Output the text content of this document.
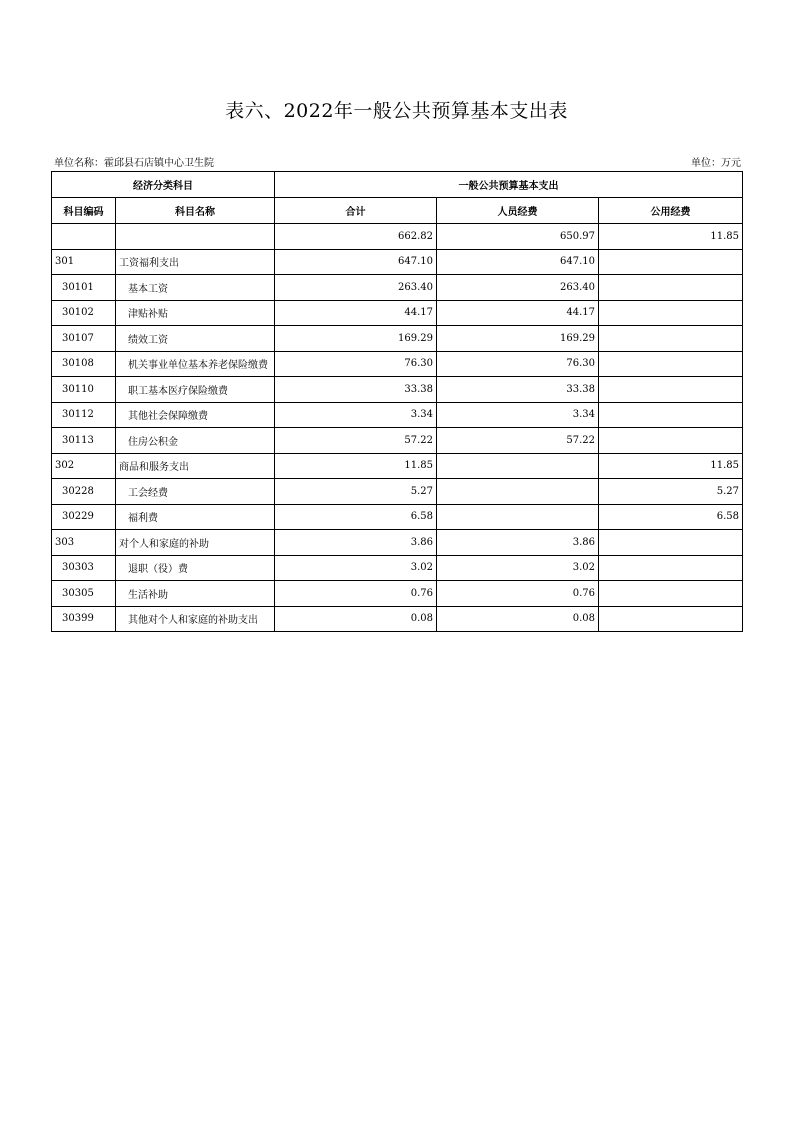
表六、2022年一般公共预算基本支出表
单位名称：霍邱县石店镇中心卫生院	单位：万元
经济分类科目		一般公共预算基本支出		
科目编码	科目名称	合计	人员经费	公用经费
		662.82	650.97	11.85
301	工资福利支出	647.10	647.10	
30101	基本工资	263.40	263.40	
30102	津贴补贴	44.17	44.17	
30107	绩效工资	169.29	169.29	
30108	机关事业单位基本养老保险缴费	76.30	76.30	
30110	职工基本医疗保险缴费	33.38	33.38	
30112	其他社会保障缴费	3.34	3.34	
30113	住房公积金	57.22	57.22	
302	商品和服务支出	11.85		11.85
30228	工会经费	5.27		5.27
30229	福利费	6.58		6.58
303	对个人和家庭的补助	3.86	3.86	
30303	退职（役）费	3.02	3.02	
30305	生活补助	0.76	0.76	
30399	其他对个人和家庭的补助支出	0.08	0.08	
